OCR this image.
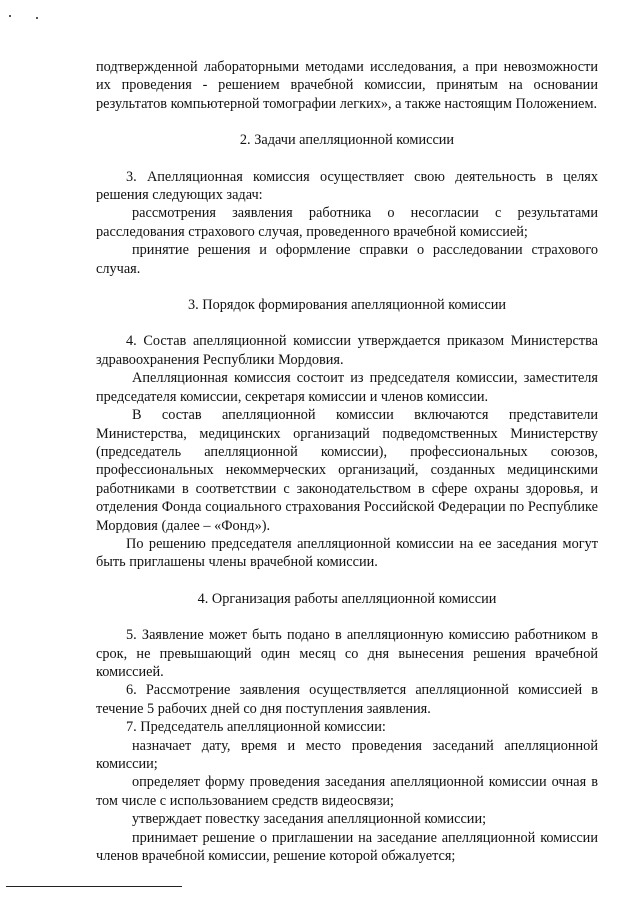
подтвержденной лабораторными методами исследования, а при невозможности их проведения - решением врачебной комиссии, принятым на основании результатов компьютерной томографии легких», а также настоящим Положением.

2. Задачи апелляционной комиссии

3. Апелляционная комиссия осуществляет свою деятельность в целях решения следующих задач:

рассмотрения заявления работника о несогласии с результатами расследования страхового случая, проведенного врачебной комиссией;

принятие решения и оформление справки о расследовании страхового случая.

3. Порядок формирования апелляционной комиссии

4. Состав апелляционной комиссии утверждается приказом Министерства здравоохранения Республики Мордовия.

Апелляционная комиссия состоит из председателя комиссии, заместителя председателя комиссии, секретаря комиссии и членов комиссии.

В состав апелляционной комиссии включаются представители Министерства, медицинских организаций подведомственных Министерству (председатель апелляционной комиссии), профессиональных союзов, профессиональных некоммерческих организаций, созданных медицинскими работниками в соответствии с законодательством в сфере охраны здоровья, и отделения Фонда социального страхования Российской Федерации по Республике Мордовия (далее – «Фонд»).

По решению председателя апелляционной комиссии на ее заседания могут быть приглашены члены врачебной комиссии.

4. Организация работы апелляционной комиссии

5. Заявление может быть подано в апелляционную комиссию работником в срок, не превышающий один месяц со дня вынесения решения врачебной комиссией.

6. Рассмотрение заявления осуществляется апелляционной комиссией в течение 5 рабочих дней со дня поступления заявления.

7. Председатель апелляционной комиссии:

назначает дату, время и место проведения заседаний апелляционной комиссии;

определяет форму проведения заседания апелляционной комиссии очная в том числе с использованием средств видеосвязи;

утверждает повестку заседания апелляционной комиссии;

принимает решение о приглашении на заседание апелляционной комиссии членов врачебной комиссии, решение которой обжалуется;
